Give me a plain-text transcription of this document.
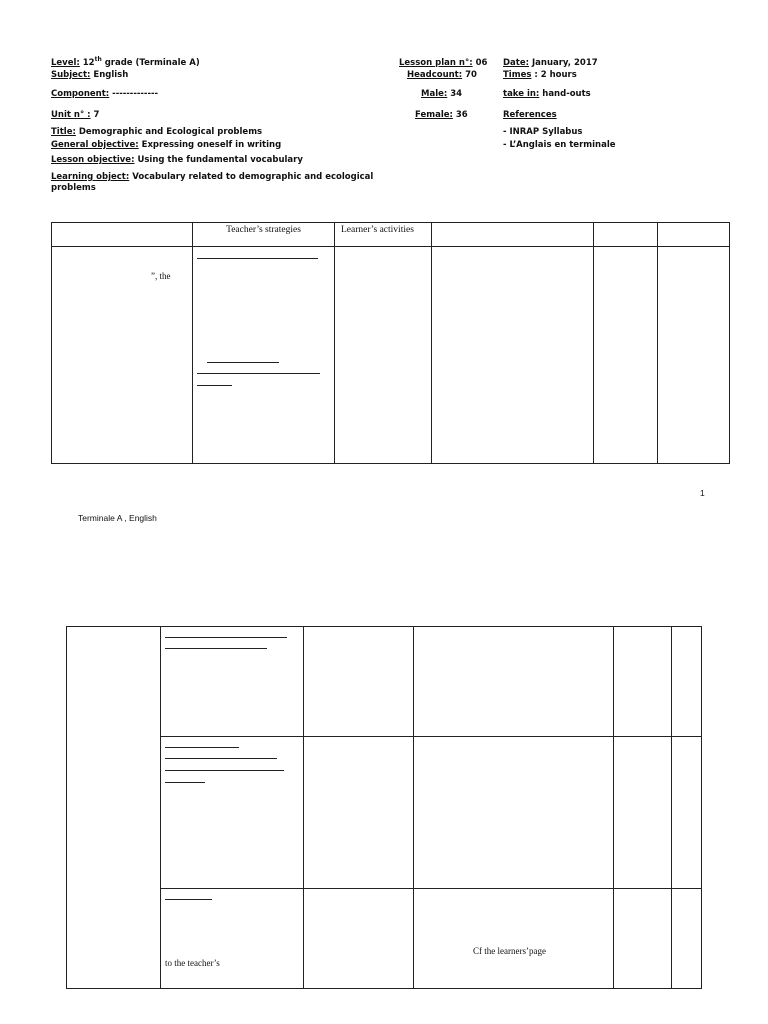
Level: 12th grade (Terminale A)
Subject: English
Component: -------------
Unit n° : 7
Title: Demographic and Ecological problems
General objective: Expressing oneself in writing
Lesson objective: Using the fundamental vocabulary
Learning object: Vocabulary related to demographic and ecological
problems
Lesson plan n°: 06
Headcount: 70
Male: 34
Female: 36
Date: January, 2017
Times : 2 hours
take in: hand-outs
References
- INRAP Syllabus
- L’Anglais en terminale
	Teacher’s strategies	Learner’s activities			

”, the					

1
Terminale A , English

	to the teacher’s		Cf the learners’page		
